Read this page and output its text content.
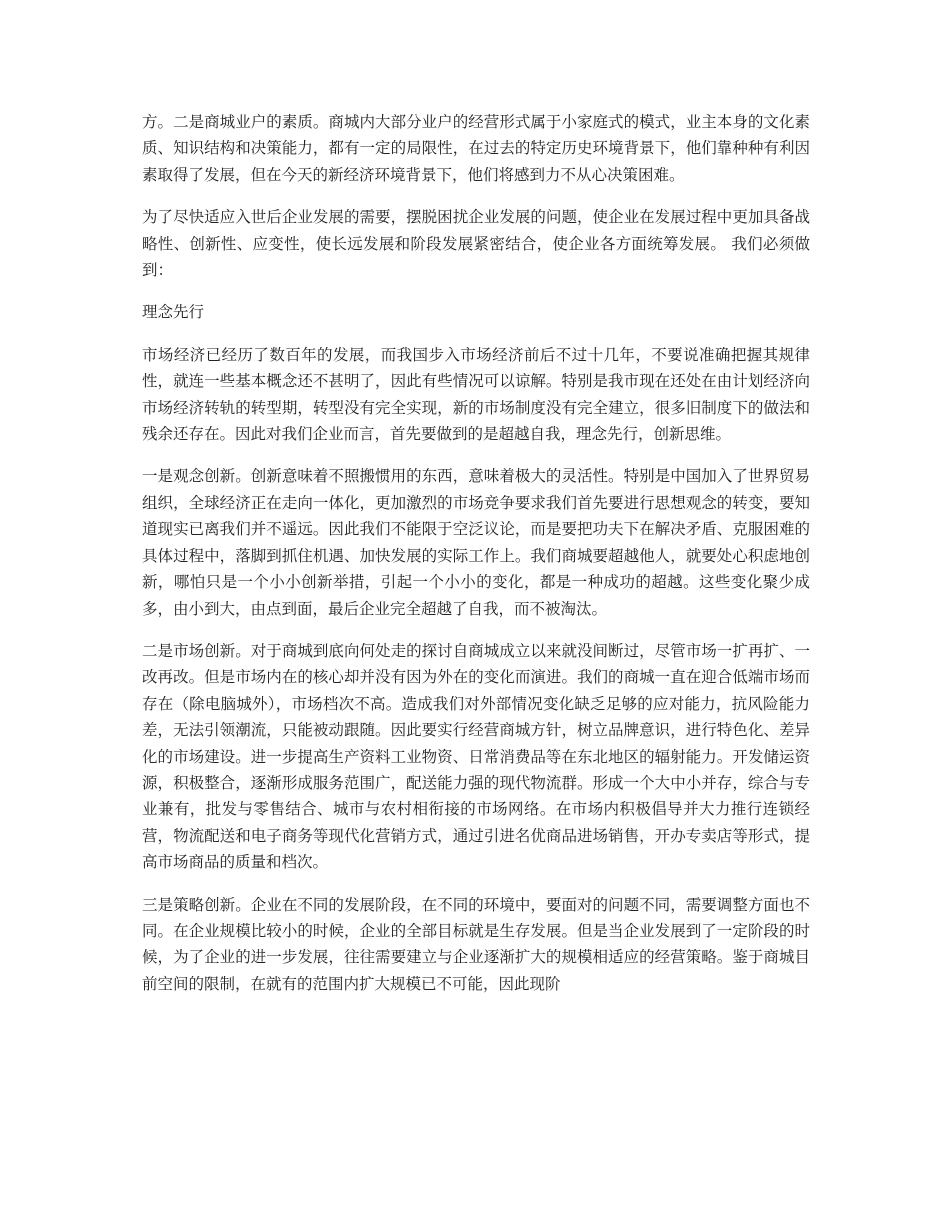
方。二是商城业户的素质。商城内大部分业户的经营形式属于小家庭式的模式，业主本身的文化素质、知识结构和决策能力，都有一定的局限性，在过去的特定历史环境背景下，他们靠种种有利因素取得了发展，但在今天的新经济环境背景下，他们将感到力不从心决策困难。

为了尽快适应入世后企业发展的需要，摆脱困扰企业发展的问题，使企业在发展过程中更加具备战略性、创新性、应变性，使长远发展和阶段发展紧密结合，使企业各方面统筹发展。 我们必须做到：

理念先行

市场经济已经历了数百年的发展，而我国步入市场经济前后不过十几年，不要说准确把握其规律性，就连一些基本概念还不甚明了，因此有些情况可以谅解。特别是我市现在还处在由计划经济向市场经济转轨的转型期，转型没有完全实现，新的市场制度没有完全建立，很多旧制度下的做法和残余还存在。因此对我们企业而言，首先要做到的是超越自我，理念先行，创新思维。

一是观念创新。创新意味着不照搬惯用的东西，意味着极大的灵活性。特别是中国加入了世界贸易组织，全球经济正在走向一体化，更加激烈的市场竞争要求我们首先要进行思想观念的转变，要知道现实已离我们并不遥远。因此我们不能限于空泛议论，而是要把功夫下在解决矛盾、克服困难的具体过程中，落脚到抓住机遇、加快发展的实际工作上。我们商城要超越他人，就要处心积虑地创新，哪怕只是一个小小创新举措，引起一个小小的变化，都是一种成功的超越。这些变化聚少成多，由小到大，由点到面，最后企业完全超越了自我，而不被淘汰。

二是市场创新。对于商城到底向何处走的探讨自商城成立以来就没间断过，尽管市场一扩再扩、一改再改。但是市场内在的核心却并没有因为外在的变化而演进。我们的商城一直在迎合低端市场而存在（除电脑城外），市场档次不高。造成我们对外部情况变化缺乏足够的应对能力，抗风险能力差，无法引领潮流，只能被动跟随。因此要实行经营商城方针，树立品牌意识，进行特色化、差异化的市场建设。进一步提高生产资料工业物资、日常消费品等在东北地区的辐射能力。开发储运资源，积极整合，逐渐形成服务范围广，配送能力强的现代物流群。形成一个大中小并存，综合与专业兼有，批发与零售结合、城市与农村相衔接的市场网络。在市场内积极倡导并大力推行连锁经营，物流配送和电子商务等现代化营销方式，通过引进名优商品进场销售，开办专卖店等形式，提高市场商品的质量和档次。

三是策略创新。企业在不同的发展阶段，在不同的环境中，要面对的问题不同，需要调整方面也不同。在企业规模比较小的时候，企业的全部目标就是生存发展。但是当企业发展到了一定阶段的时候，为了企业的进一步发展，往往需要建立与企业逐渐扩大的规模相适应的经营策略。鉴于商城目前空间的限制，在就有的范围内扩大规模已不可能，因此现阶
